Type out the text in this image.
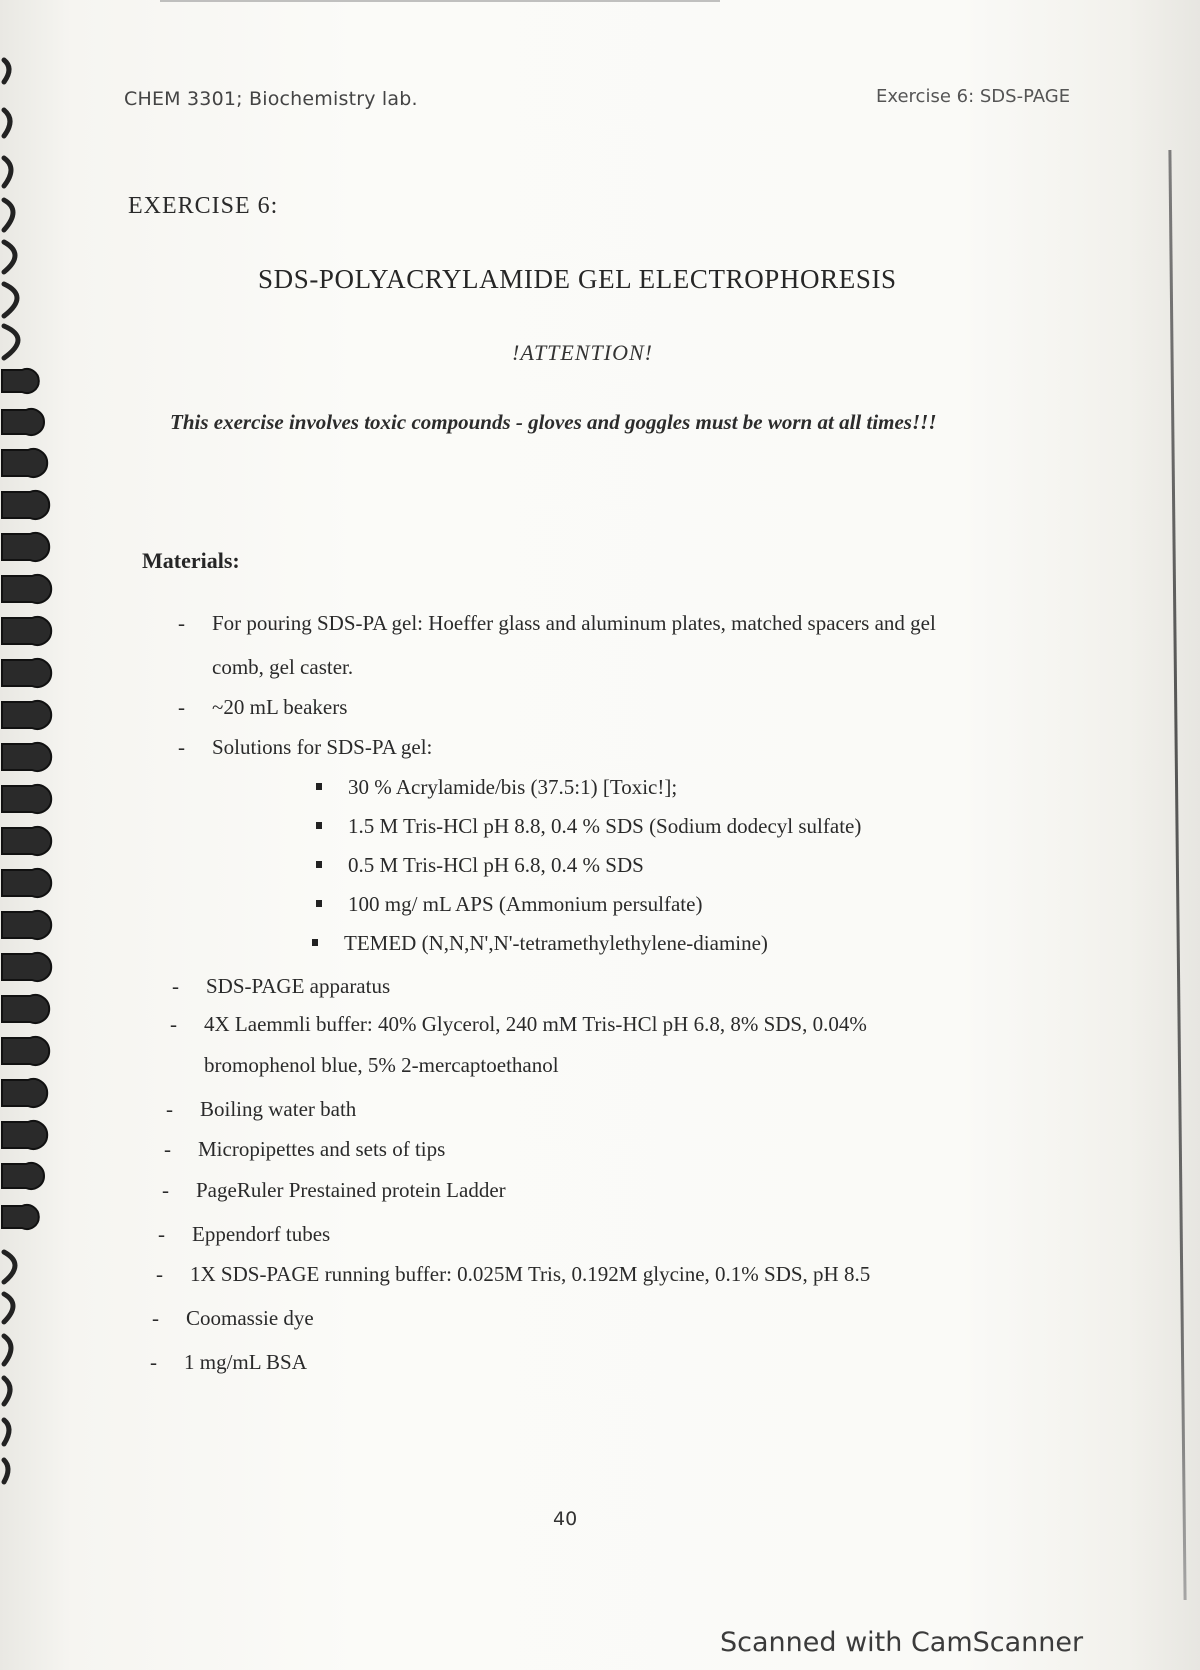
CHEM 3301; Biochemistry lab.	Exercise 6: SDS-PAGE
EXERCISE 6:
SDS-POLYACRYLAMIDE GEL ELECTROPHORESIS
!ATTENTION!
This exercise involves toxic compounds - gloves and goggles must be worn at all times!!!
Materials:
- For pouring SDS-PA gel: Hoeffer glass and aluminum plates, matched spacers and gel
comb, gel caster.
- ~20 mL beakers
- Solutions for SDS-PA gel:
30 % Acrylamide/bis (37.5:1) [Toxic!];
1.5 M Tris-HCl pH 8.8, 0.4 % SDS (Sodium dodecyl sulfate)
0.5 M Tris-HCl pH 6.8, 0.4 % SDS
100 mg/ mL APS (Ammonium persulfate)
TEMED (N,N,N',N'-tetramethylethylene-diamine)
- SDS-PAGE apparatus
- 4X Laemmli buffer: 40% Glycerol, 240 mM Tris-HCl pH 6.8, 8% SDS, 0.04%
bromophenol blue, 5% 2-mercaptoethanol
- Boiling water bath
- Micropipettes and sets of tips
- PageRuler Prestained protein Ladder
- Eppendorf tubes
- 1X SDS-PAGE running buffer: 0.025M Tris, 0.192M glycine, 0.1% SDS, pH 8.5
- Coomassie dye
- 1 mg/mL BSA
40
Scanned with CamScanner
